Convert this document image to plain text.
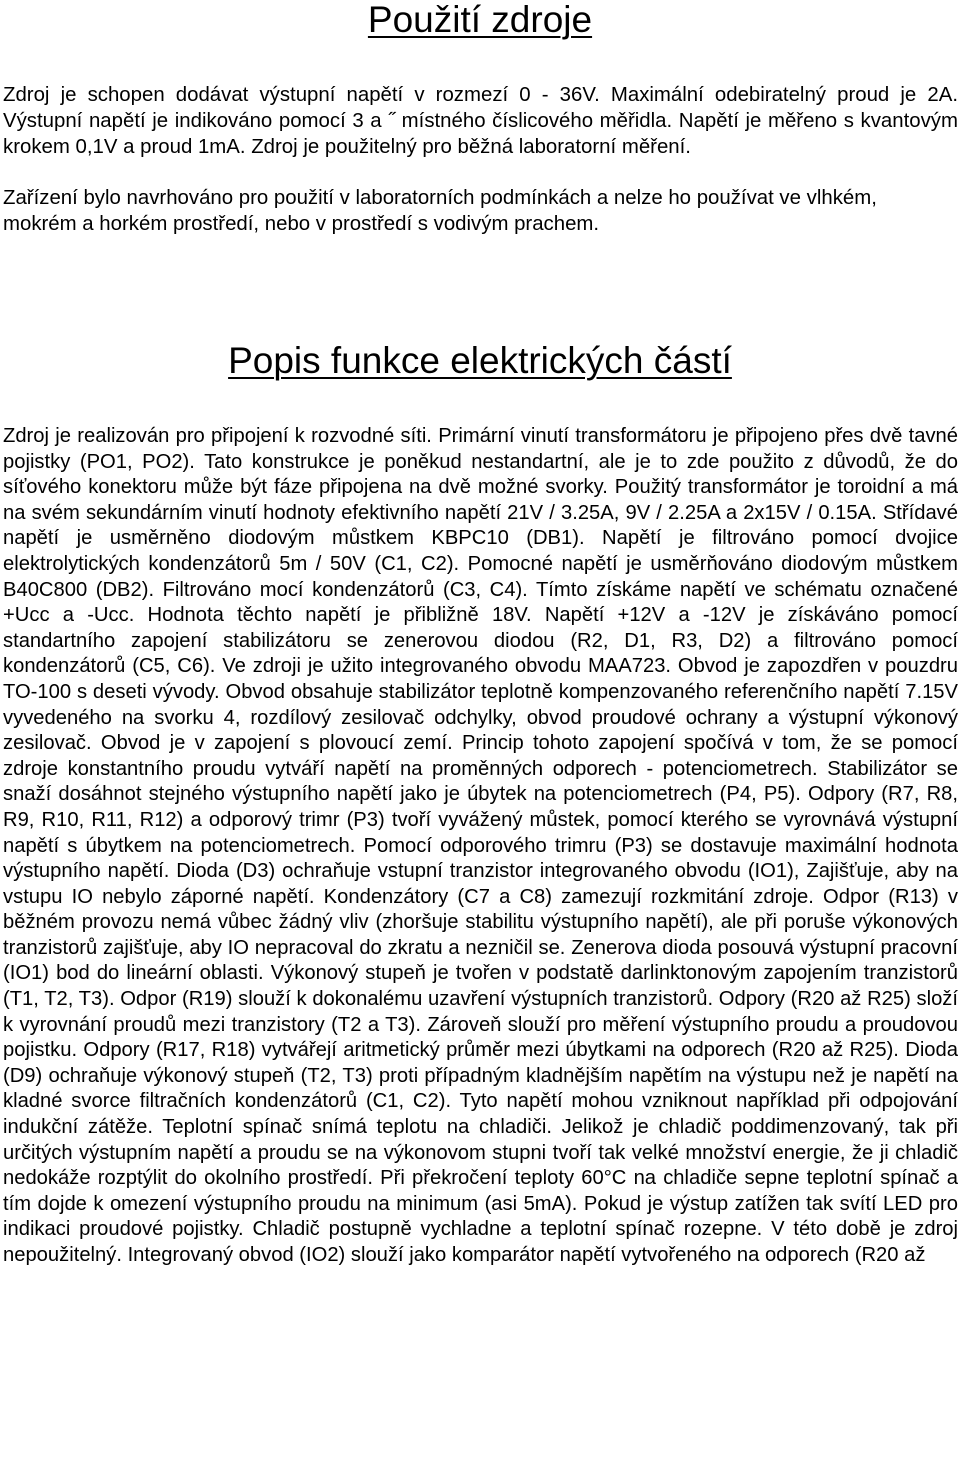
Použití zdroje

Zdroj je schopen dodávat výstupní napětí v rozmezí 0 - 36V. Maximální odebiratelný proud je 2A. Výstupní napětí je indikováno pomocí 3 a ˝ místného číslicového měřidla. Napětí je měřeno s kvantovým krokem 0,1V a proud 1mA. Zdroj je použitelný pro běžná laboratorní měření.

Zařízení bylo navrhováno pro použití v laboratorních podmínkách a nelze ho používat ve vlhkém, mokrém a horkém prostředí, nebo v prostředí s vodivým prachem.

Popis funkce elektrických částí

Zdroj je realizován pro připojení k rozvodné síti. Primární vinutí transformátoru je připojeno přes dvě tavné pojistky (PO1, PO2). Tato konstrukce je poněkud nestandartní, ale je to zde použito z důvodů, že do síťového konektoru může být fáze připojena na dvě možné svorky. Použitý transformátor je toroidní a má na svém sekundárním vinutí hodnoty efektivního napětí 21V / 3.25A, 9V / 2.25A a 2x15V / 0.15A. Střídavé napětí je usměrněno diodovým můstkem KBPC10 (DB1). Napětí je filtrováno pomocí dvojice elektrolytických kondenzátorů 5m / 50V (C1, C2). Pomocné napětí je usměrňováno diodovým můstkem B40C800 (DB2). Filtrováno mocí kondenzátorů (C3, C4). Tímto získáme napětí ve schématu označené +Ucc a -Ucc. Hodnota těchto napětí je přibližně 18V. Napětí +12V a -12V je získáváno pomocí standartního zapojení stabilizátoru se zenerovou diodou (R2, D1, R3, D2) a filtrováno pomocí kondenzátorů (C5, C6). Ve zdroji je užito integrovaného obvodu MAA723. Obvod je zapozdřen v pouzdru TO-100 s deseti vývody. Obvod obsahuje stabilizátor teplotně kompenzovaného referenčního napětí 7.15V vyvedeného na svorku 4, rozdílový zesilovač odchylky, obvod proudové ochrany a výstupní výkonový zesilovač. Obvod je v zapojení s plovoucí zemí. Princip tohoto zapojení spočívá v tom, že se pomocí zdroje konstantního proudu vytváří napětí na proměnných odporech - potenciometrech. Stabilizátor se snaží dosáhnot stejného výstupního napětí jako je úbytek na potenciometrech (P4, P5). Odpory (R7, R8, R9, R10, R11, R12) a odporový trimr (P3) tvoří vyvážený můstek, pomocí kterého se vyrovnává výstupní napětí s úbytkem na potenciometrech. Pomocí odporového trimru (P3) se dostavuje maximální hodnota výstupního napětí. Dioda (D3) ochraňuje vstupní tranzistor integrovaného obvodu (IO1), Zajišťuje, aby na vstupu IO nebylo záporné napětí. Kondenzátory (C7 a C8) zamezují rozkmitání zdroje. Odpor (R13) v běžném provozu nemá vůbec žádný vliv (zhoršuje stabilitu výstupního napětí), ale při poruše výkonových tranzistorů zajišťuje, aby IO nepracoval do zkratu a nezničil se. Zenerova dioda posouvá výstupní pracovní (IO1) bod do lineární oblasti. Výkonový stupeň je tvořen v podstatě darlinktonovým zapojením tranzistorů (T1, T2, T3). Odpor (R19) slouží k dokonalému uzavření výstupních tranzistorů. Odpory (R20 až R25) složí k vyrovnání proudů mezi tranzistory (T2 a T3). Zároveň slouží pro měření výstupního proudu a proudovou pojistku. Odpory (R17, R18) vytvářejí aritmetický průměr mezi úbytkami na odporech (R20 až R25). Dioda (D9) ochraňuje výkonový stupeň (T2, T3) proti případným kladnějším napětím na výstupu než je napětí na kladné svorce filtračních kondenzátorů (C1, C2). Tyto napětí mohou vzniknout například při odpojování indukční zátěže. Teplotní spínač snímá teplotu na chladiči. Jelikož je chladič poddimenzovaný, tak při určitých výstupním napětí a proudu se na výkonovom stupni tvoří tak velké množství energie, že ji chladič nedokáže rozptýlit do okolního prostředí. Při překročení teploty 60°C na chladiče sepne teplotní spínač a tím dojde k omezení výstupního proudu na minimum (asi 5mA). Pokud je výstup zatížen tak svítí LED pro indikaci proudové pojistky. Chladič postupně vychladne a teplotní spínač rozepne. V této době je zdroj nepoužitelný. Integrovaný obvod (IO2) slouží jako komparátor napětí vytvořeného na odporech (R20 až
